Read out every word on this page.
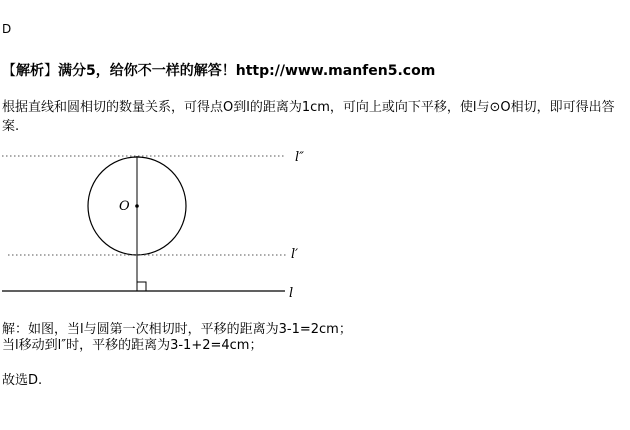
D
【解析】满分5，给你不一样的解答！http://www.manfen5.com
根据直线和圆相切的数量关系，可得点O到l的距离为1cm，可向上或向下平移，使l与⊙O相切，即可得出答案.
l″
l′
l
O
解：如图，当l与圆第一次相切时，平移的距离为3-1=2cm；
当l移动到l″时，平移的距离为3-1+2=4cm；
故选D.
